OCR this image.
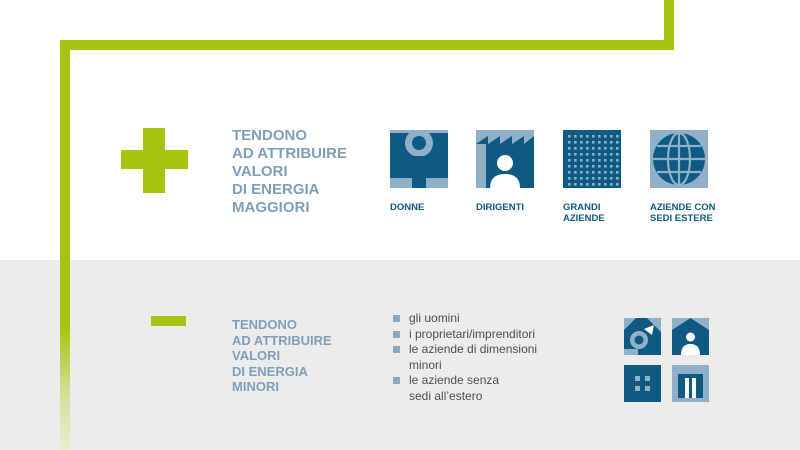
TENDONO
AD ATTRIBUIRE
VALORI
DI ENERGIA
MAGGIORI
TENDONO
AD ATTRIBUIRE
VALORI
DI ENERGIA
MINORI
DONNE	DIRIGENTI	GRANDI
AZIENDE
AZIENDE CON
SEDI ESTERE
gli uomini
i proprietari/imprenditori
le aziende di dimensioni
minori
le aziende senza
sedi all’estero
